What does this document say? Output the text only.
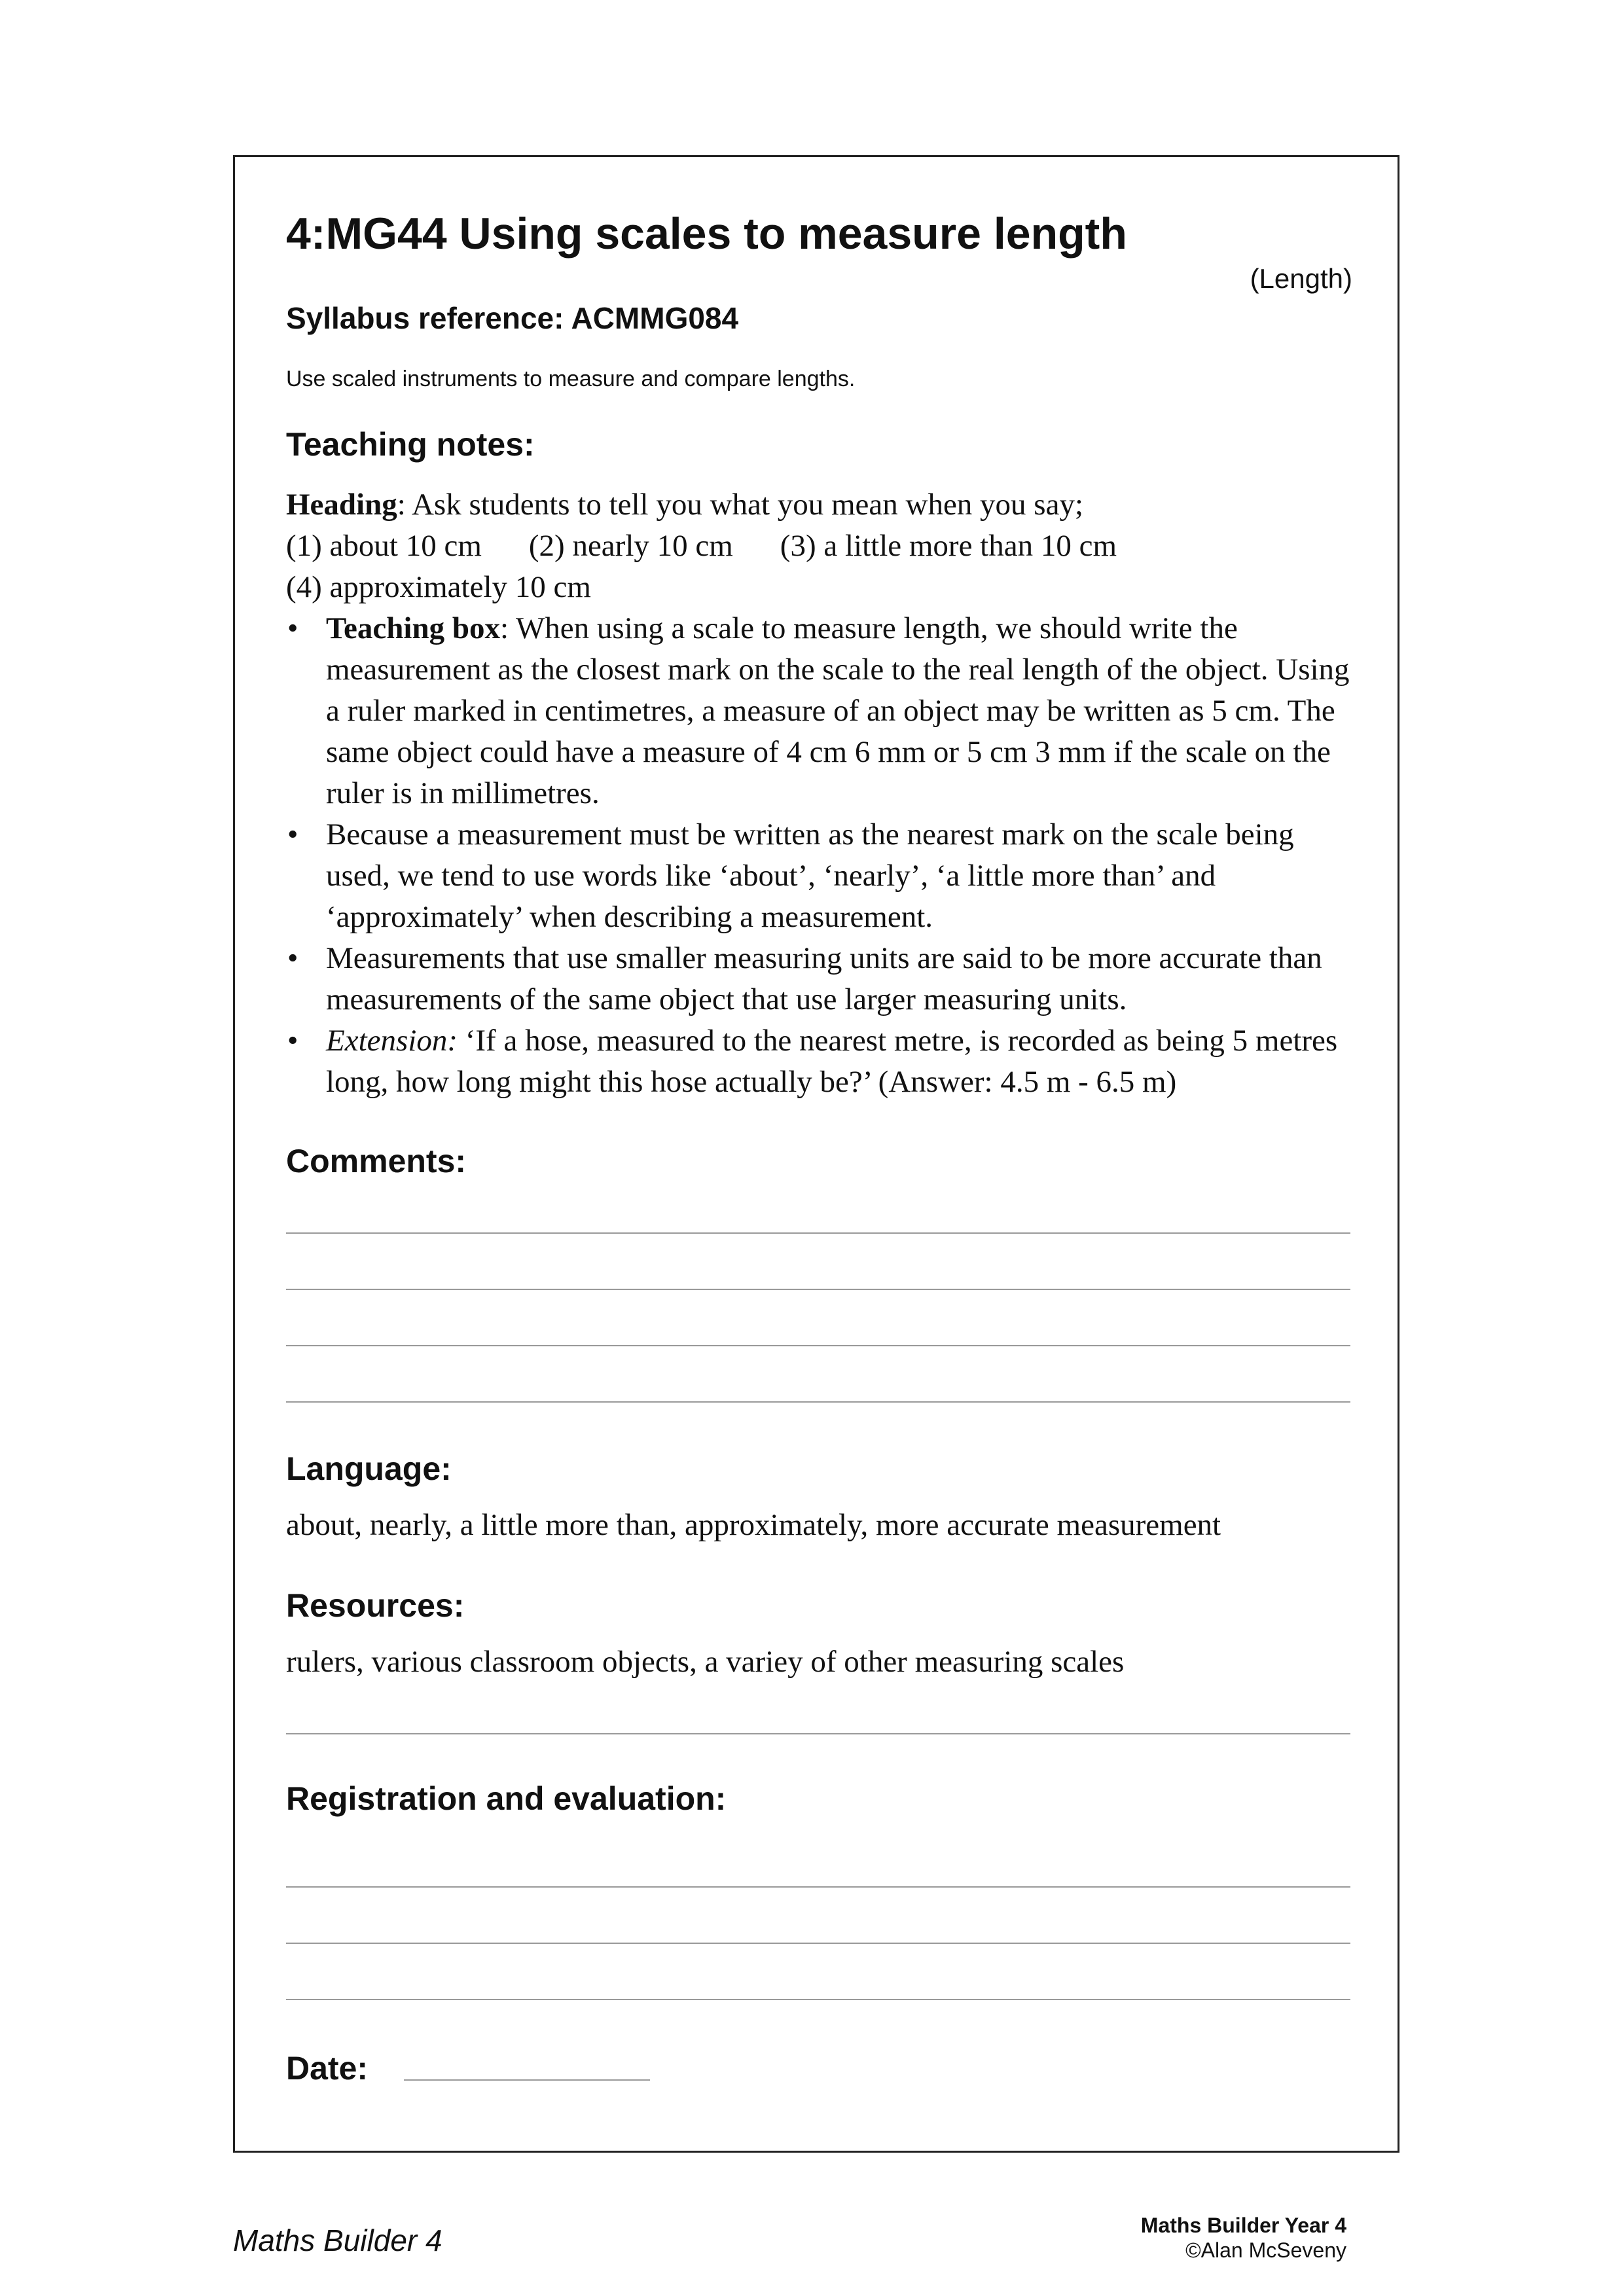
4:MG44 Using scales to measure length
(Length)
Syllabus reference: ACMMG084
Use scaled instruments to measure and compare lengths.
Teaching notes:
Heading: Ask students to tell you what you mean when you say;
(1) about 10 cm (2) nearly 10 cm (3) a little more than 10 cm
(4) approximately 10 cm
• Teaching box: When using a scale to measure length, we should write the measurement as the closest mark on the scale to the real length of the object. Using a ruler marked in centimetres, a measure of an object may be written as 5 cm. The same object could have a measure of 4 cm 6 mm or 5 cm 3 mm if the scale on the ruler is in millimetres.
• Because a measurement must be written as the nearest mark on the scale being used, we tend to use words like ‘about’, ‘nearly’, ‘a little more than’ and ‘approximately’ when describing a measurement.
• Measurements that use smaller measuring units are said to be more accurate than measurements of the same object that use larger measuring units.
• Extension: ‘If a hose, measured to the nearest metre, is recorded as being 5 metres long, how long might this hose actually be?’ (Answer: 4.5 m - 6.5 m)
Comments:
Language:
about, nearly, a little more than, approximately, more accurate measurement
Resources:
rulers, various classroom objects, a variey of other measuring scales
Registration and evaluation:
Date:
Maths Builder 4	Maths Builder Year 4
©Alan McSeveny
